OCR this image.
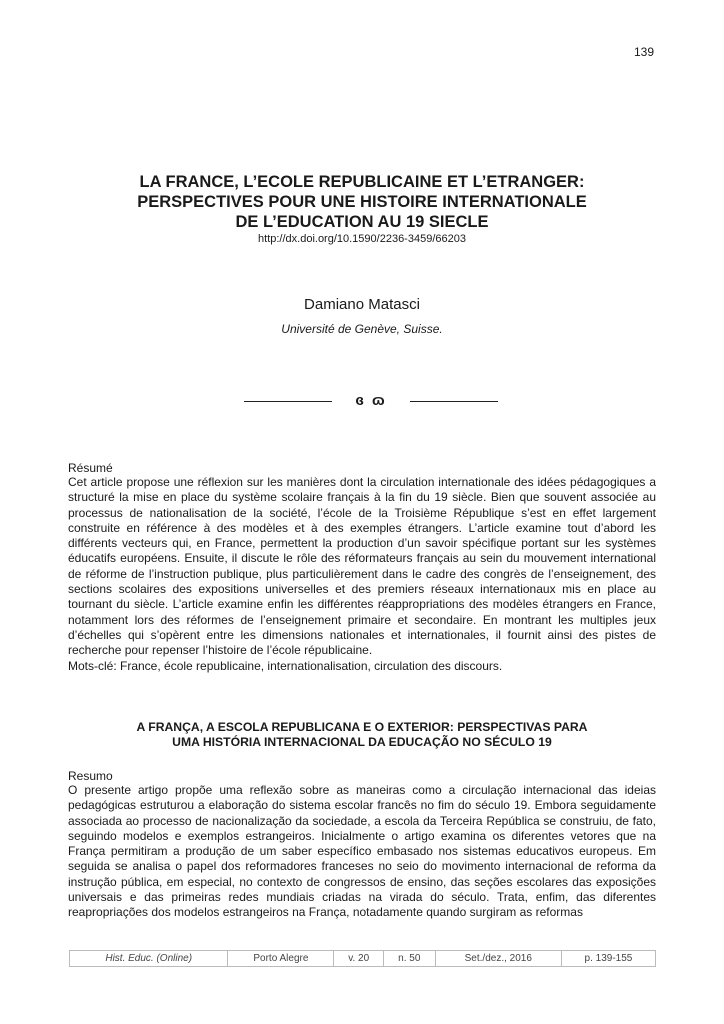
139
LA FRANCE, L’ECOLE REPUBLICAINE ET L’ETRANGER:
PERSPECTIVES POUR UNE HISTOIRE INTERNATIONALE
DE L’EDUCATION AU 19 SIECLE
http://dx.doi.org/10.1590/2236-3459/66203
Damiano Matasci
Université de Genève, Suisse.
ɞ ɷ
Résumé

Cet article propose une réflexion sur les manières dont la circulation internationale des idées pédagogiques a structuré la mise en place du système scolaire français à la fin du 19 siècle. Bien que souvent associée au processus de nationalisation de la société, l’école de la Troisième République s’est en effet largement construite en référence à des modèles et à des exemples étrangers. L’article examine tout d’abord les différents vecteurs qui, en France, permettent la production d’un savoir spécifique portant sur les systèmes éducatifs européens. Ensuite, il discute le rôle des réformateurs français au sein du mouvement international de réforme de l’instruction publique, plus particulièrement dans le cadre des congrès de l’enseignement, des sections scolaires des expositions universelles et des premiers réseaux internationaux mis en place au tournant du siècle. L’article examine enfin les différentes réappropriations des modèles étrangers en France, notamment lors des réformes de l’enseignement primaire et secondaire. En montrant les multiples jeux d’échelles qui s’opèrent entre les dimensions nationales et internationales, il fournit ainsi des pistes de recherche pour repenser l’histoire de l’école républicaine.

Mots-clé: France, école republicaine, internationalisation, circulation des discours.
A FRANÇA, A ESCOLA REPUBLICANA E O EXTERIOR: PERSPECTIVAS PARA
UMA HISTÓRIA INTERNACIONAL DA EDUCAÇÃO NO SÉCULO 19
Resumo

O presente artigo propõe uma reflexão sobre as maneiras como a circulação internacional das ideias pedagógicas estruturou a elaboração do sistema escolar francês no fim do século 19. Embora seguidamente associada ao processo de nacionalização da sociedade, a escola da Terceira República se construiu, de fato, seguindo modelos e exemplos estrangeiros. Inicialmente o artigo examina os diferentes vetores que na França permitiram a produção de um saber específico embasado nos sistemas educativos europeus. Em seguida se analisa o papel dos reformadores franceses no seio do movimento internacional de reforma da instrução pública, em especial, no contexto de congressos de ensino, das seções escolares das exposições universais e das primeiras redes mundiais criadas na virada do século. Trata, enfim, das diferentes reapropriações dos modelos estrangeiros na França, notadamente quando surgiram as reformas

Hist. Educ. (Online)	Porto Alegre	v. 20	n. 50	Set./dez., 2016	p. 139-155
